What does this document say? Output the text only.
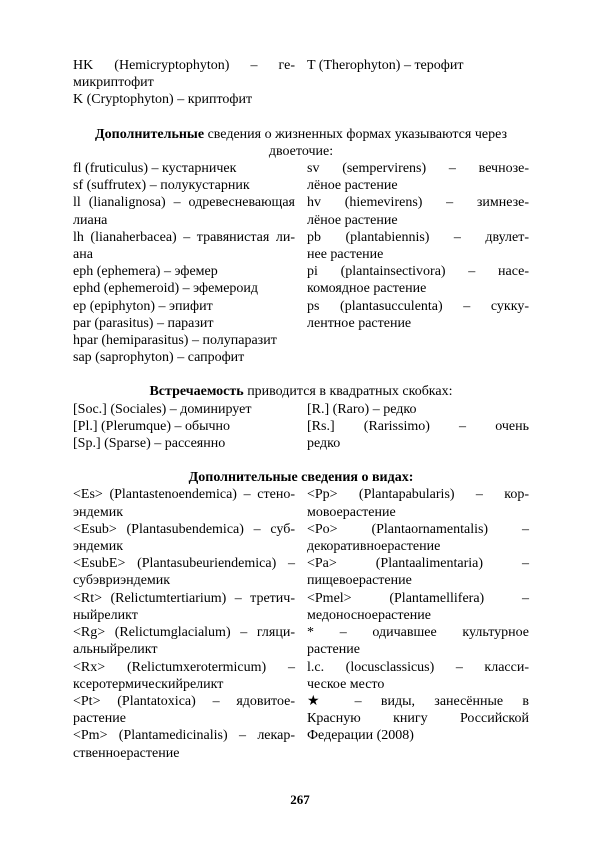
HK (Hemicryptophyton) – ге-
микриптофит
K (Cryptophyton) – криптофит
T (Therophyton) – терофит
Дополнительные сведения о жизненных формах указываются через
двоеточие:
fl (fruticulus) – кустарничек
sf (suffrutex) – полукустарник
ll (lianalignosa) – одревесневающая
лиана
lh (lianaherbacea) – травянистая ли-
ана
eph (ephemera) – эфемер
ephd (ephemeroid) – эфемероид
ep (epiphyton) – эпифит
par (parasitus) – паразит
hpar (hemiparasitus) – полупаразит
sap (saprophyton) – сапрофит
sv (sempervirens) – вечнозе-
лёное растение
hv (hiemevirens) – зимнезе-
лёное растение
pb (plantabiennis) – двулет-
нее растение
pi (plantainsectivora) – насе-
комоядное растение
ps (plantasucculenta) – сукку-
лентное растение
Встречаемость приводится в квадратных скобках:
[Soc.] (Sociales) – доминирует
[Pl.] (Plerumque) – обычно
[Sp.] (Sparse) – рассеянно
[R.] (Raro) – редко
[Rs.] (Rarissimo) – очень
редко
Дополнительные сведения о видах:
<Es> (Plantastenoendemica) – стено-
эндемик
<Esub> (Plantasubendemica) – суб-
эндемик
<EsubE> (Plantasubeuriendemica) –
субэвриэндемик
<Rt> (Relictumtertiarium) – третич-
ныйреликт
<Rg> (Relictumglacialum) – гляци-
альныйреликт
<Rx> (Relictumxerotermicum) –
ксеротермическийреликт
<Pt> (Plantatoxica) – ядовитое-
растение
<Pm> (Plantamedicinalis) – лекар-
ственноерастение
<Pp> (Plantapabularis) – кор-
мовоерастение
<Po> (Plantaornamentalis) –
декоративноерастение
<Pa> (Plantaalimentaria) –
пищевоерастение
<Pmel> (Plantamellifera) –
медоносноерастение
* – одичавшее культурное
растение
l.c. (locusclassicus) – класси-
ческое место
★ – виды, занесённые в
Красную книгу Российской
Федерации (2008)
267
